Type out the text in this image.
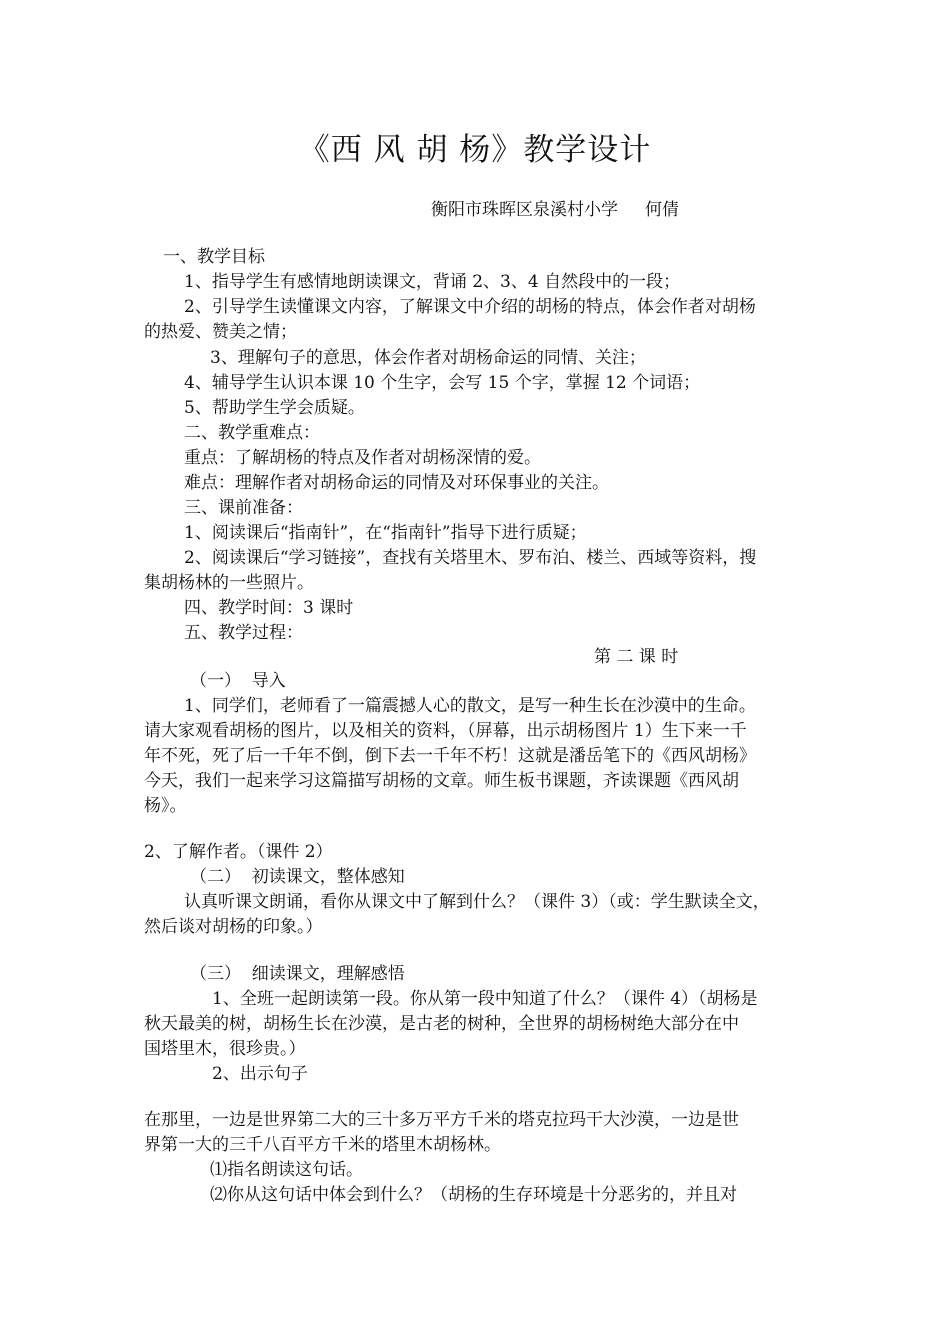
《西 风 胡 杨》教学设计
衡阳市珠晖区泉溪村小学     何倩
一、教学目标
1、指导学生有感情地朗读课文，背诵 2、3、4 自然段中的一段；
2、引导学生读懂课文内容，了解课文中介绍的胡杨的特点，体会作者对胡杨
的热爱、赞美之情；
3、理解句子的意思，体会作者对胡杨命运的同情、关注；
4、辅导学生认识本课 10 个生字，会写 15 个字，掌握 12 个词语；
5、帮助学生学会质疑。
二、教学重难点：
重点：了解胡杨的特点及作者对胡杨深情的爱。
难点：理解作者对胡杨命运的同情及对环保事业的关注。
三、课前准备：
1、阅读课后“指南针”，在“指南针”指导下进行质疑；
2、阅读课后“学习链接”，查找有关塔里木、罗布泊、楼兰、西域等资料，搜
集胡杨林的一些照片。
四、教学时间：3 课时
五、教学过程：
第 二 课 时
（一）  导入
1、同学们，老师看了一篇震撼人心的散文，是写一种生长在沙漠中的生命。
请大家观看胡杨的图片，以及相关的资料，（屏幕，出示胡杨图片 1）生下来一千
年不死，死了后一千年不倒，倒下去一千年不朽！这就是潘岳笔下的《西风胡杨》
今天，我们一起来学习这篇描写胡杨的文章。师生板书课题，齐读课题《西风胡
杨》。
2、了解作者。（课件 2）
（二）  初读课文，整体感知
认真听课文朗诵，看你从课文中了解到什么？（课件 3）（或：学生默读全文，
然后谈对胡杨的印象。）
（三）  细读课文，理解感悟
1、全班一起朗读第一段。你从第一段中知道了什么？（课件 4）（胡杨是
秋天最美的树，胡杨生长在沙漠，是古老的树种，全世界的胡杨树绝大部分在中
国塔里木，很珍贵。）
2、出示句子
在那里，一边是世界第二大的三十多万平方千米的塔克拉玛干大沙漠，一边是世
界第一大的三千八百平方千米的塔里木胡杨林。
⑴指名朗读这句话。
⑵你从这句话中体会到什么？（胡杨的生存环境是十分恶劣的，并且对
